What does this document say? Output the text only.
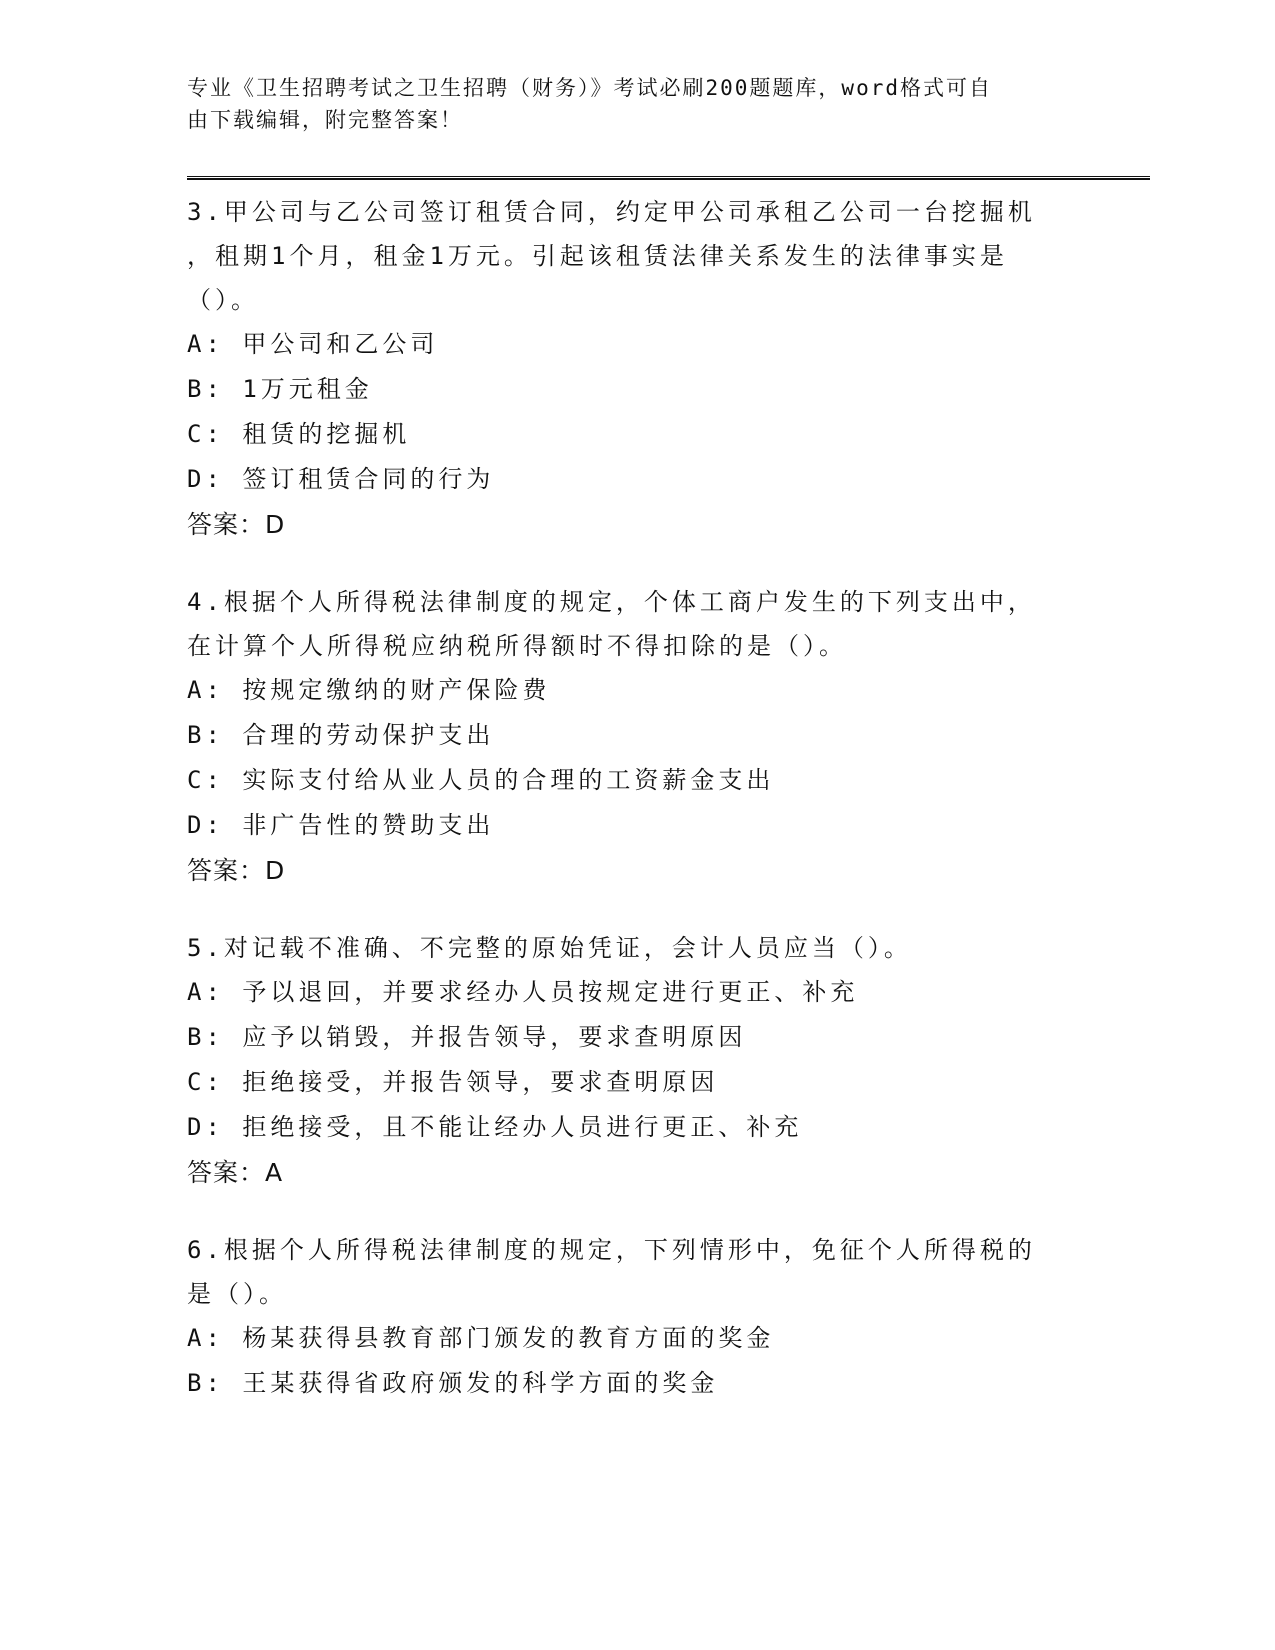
专业《卫生招聘考试之卫生招聘（财务）》考试必刷200题题库，word格式可自
由下载编辑，附完整答案！
3.甲公司与乙公司签订租赁合同，约定甲公司承租乙公司一台挖掘机
，租期1个月，租金1万元。引起该租赁法律关系发生的法律事实是
（）。
A: 甲公司和乙公司
B: 1万元租金
C: 租赁的挖掘机
D: 签订租赁合同的行为
答案：D
4.根据个人所得税法律制度的规定，个体工商户发生的下列支出中，
在计算个人所得税应纳税所得额时不得扣除的是（）。
A: 按规定缴纳的财产保险费
B: 合理的劳动保护支出
C: 实际支付给从业人员的合理的工资薪金支出
D: 非广告性的赞助支出
答案：D
5.对记载不准确、不完整的原始凭证，会计人员应当（）。
A: 予以退回，并要求经办人员按规定进行更正、补充
B: 应予以销毁，并报告领导，要求查明原因
C: 拒绝接受，并报告领导，要求查明原因
D: 拒绝接受，且不能让经办人员进行更正、补充
答案：A
6.根据个人所得税法律制度的规定，下列情形中，免征个人所得税的
是（）。
A: 杨某获得县教育部门颁发的教育方面的奖金
B: 王某获得省政府颁发的科学方面的奖金
